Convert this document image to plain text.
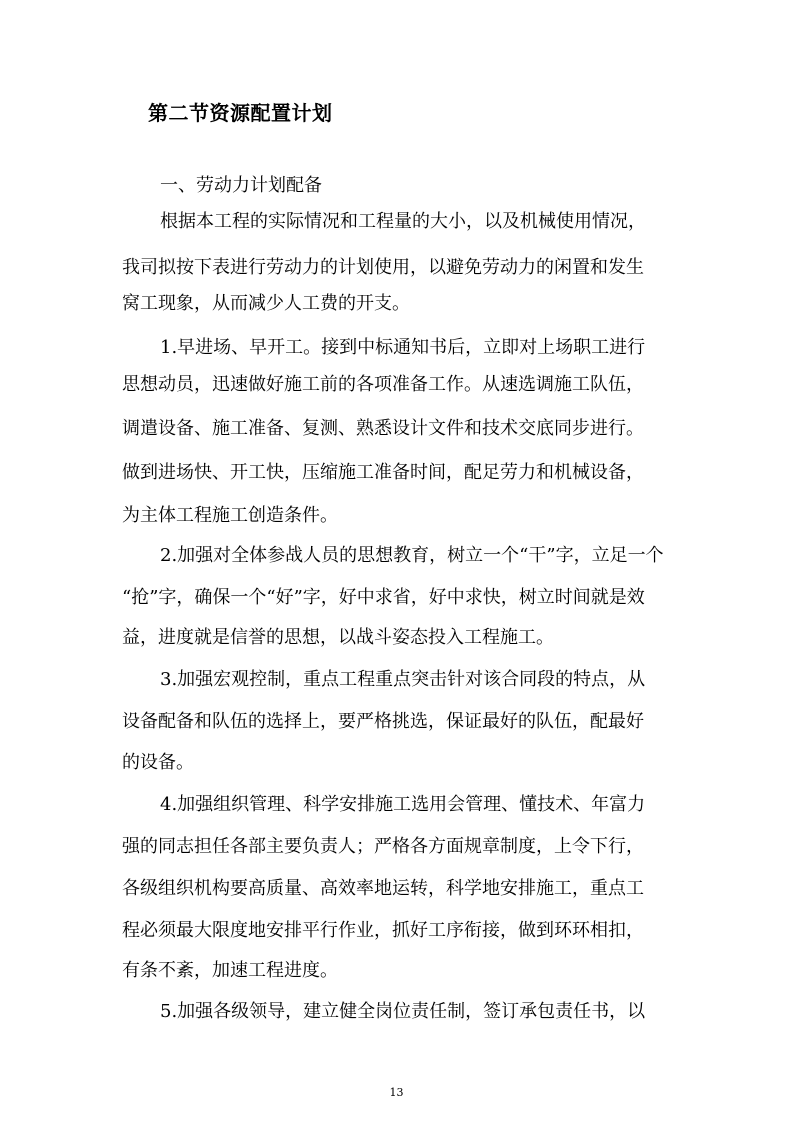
第二节资源配置计划
一、劳动力计划配备
根据本工程的实际情况和工程量的大小，以及机械使用情况，
我司拟按下表进行劳动力的计划使用，以避免劳动力的闲置和发生
窝工现象，从而减少人工费的开支。
1.早进场、早开工。接到中标通知书后，立即对上场职工进行
思想动员，迅速做好施工前的各项准备工作。从速选调施工队伍，
调遣设备、施工准备、复测、熟悉设计文件和技术交底同步进行。
做到进场快、开工快，压缩施工准备时间，配足劳力和机械设备，
为主体工程施工创造条件。
2.加强对全体参战人员的思想教育，树立一个“干”字，立足一个
“抢”字，确保一个“好”字，好中求省，好中求快，树立时间就是效
益，进度就是信誉的思想，以战斗姿态投入工程施工。
3.加强宏观控制，重点工程重点突击针对该合同段的特点，从
设备配备和队伍的选择上，要严格挑选，保证最好的队伍，配最好
的设备。
4.加强组织管理、科学安排施工选用会管理、懂技术、年富力
强的同志担任各部主要负责人；严格各方面规章制度，上令下行，
各级组织机构要高质量、高效率地运转，科学地安排施工，重点工
程必须最大限度地安排平行作业，抓好工序衔接，做到环环相扣，
有条不紊，加速工程进度。
5.加强各级领导，建立健全岗位责任制，签订承包责任书，以
13
